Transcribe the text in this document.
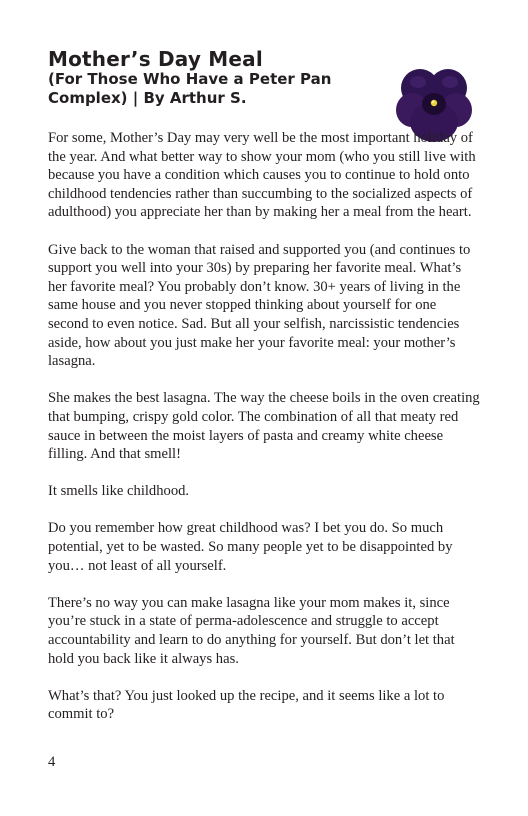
Mother’s Day Meal
(For Those Who Have a Peter Pan
Complex) | By Arthur S.

For some, Mother’s Day may very well be the most important holiday of the year. And what better way to show your mom (who you still live with because you have a condition which causes you to continue to hold onto childhood tendencies rather than succumbing to the socialized aspects of adulthood) you appreciate her than by making her a meal from the heart.

Give back to the woman that raised and supported you (and continues to support you well into your 30s) by preparing her favorite meal. What’s her favorite meal? You probably don’t know. 30+ years of living in the same house and you never stopped thinking about yourself for one second to even notice. Sad. But all your selfish, narcissistic tendencies aside, how about you just make her your favorite meal: your mother’s lasagna.

She makes the best lasagna. The way the cheese boils in the oven creating that bumping, crispy gold color. The combination of all that meaty red sauce in between the moist layers of pasta and creamy white cheese filling. And that smell!

It smells like childhood.

Do you remember how great childhood was? I bet you do. So much potential, yet to be wasted. So many people yet to be disappointed by you… not least of all yourself.

There’s no way you can make lasagna like your mom makes it, since you’re stuck in a state of perma-adolescence and struggle to accept accountability and learn to do anything for yourself. But don’t let that hold you back like it always has.

What’s that? You just looked up the recipe, and it seems like a lot to commit to?

4
